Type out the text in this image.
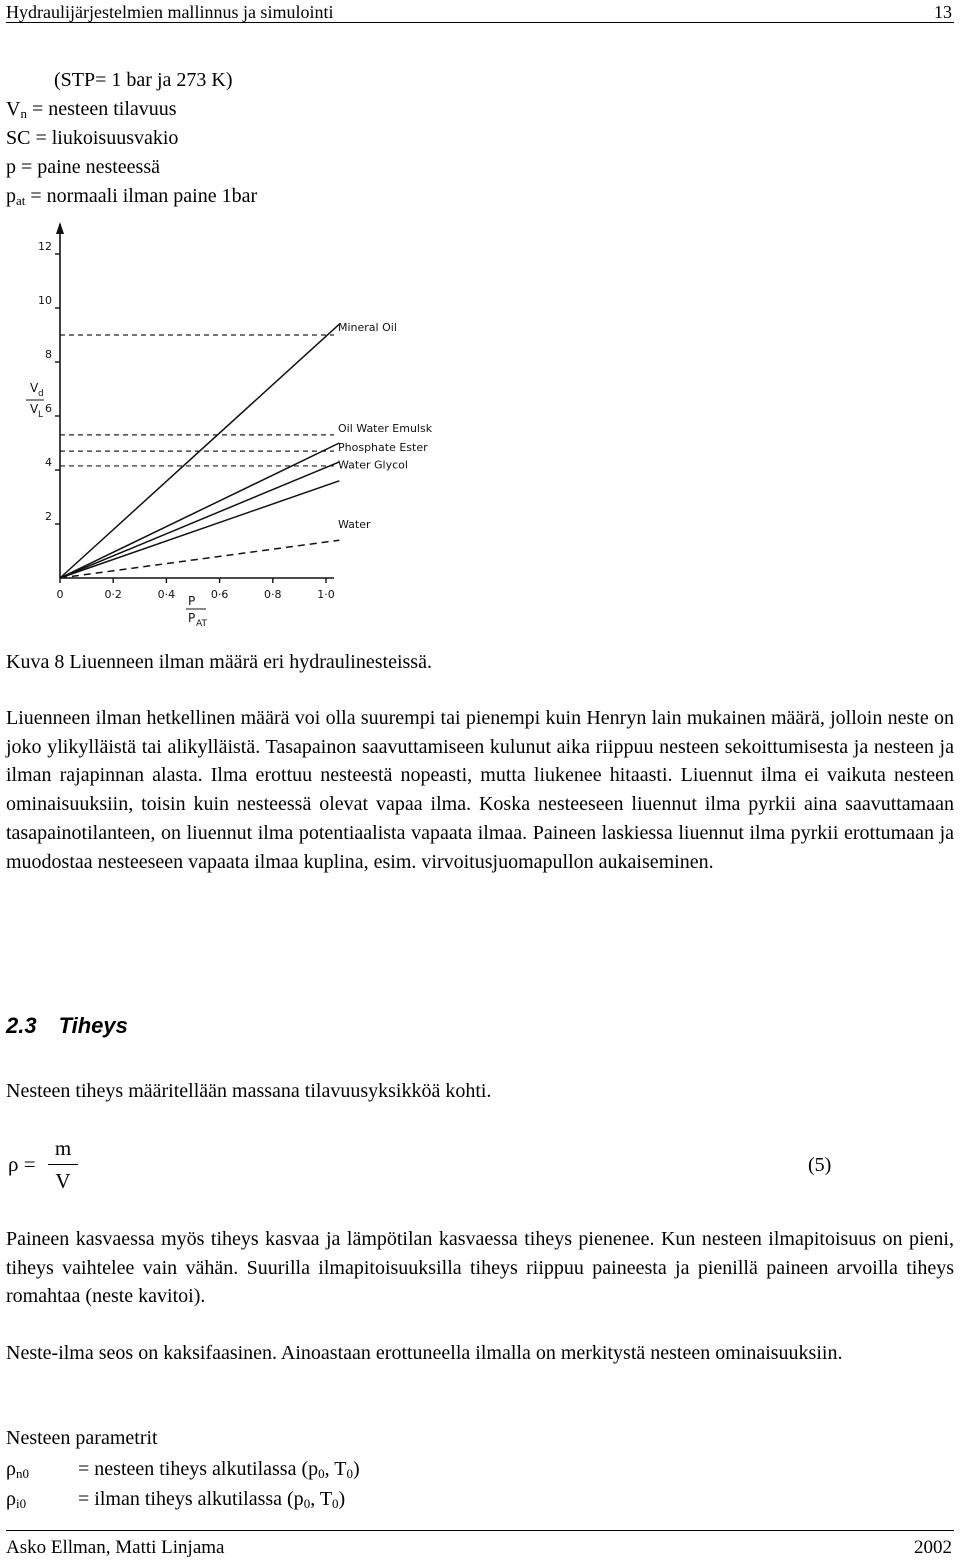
Hydraulijärjestelmien mallinnus ja simulointi	13
(STP= 1 bar ja 273 K)
$V_n$ = nesteen tilavuus
SC = liukoisuusvakio
p = paine nesteessä
$p_{at}$ = normaali ilman paine 1bar
2
4
6
8
10
12
0	0·2	0·4	0·6	0·8	1·0
Mineral Oil
Oil Water Emulsk
Phosphate Ester
Water Glycol
Water
V d
V L
P
P AT
Kuva 8 Liuenneen ilman määrä eri hydraulinesteissä.
Liuenneen ilman hetkellinen määrä voi olla suurempi tai pienempi kuin Henryn lain mukainen määrä, jolloin neste on joko ylikylläistä tai alikylläistä. Tasapainon saavuttamiseen kulunut aika riippuu nesteen sekoittumisesta ja nesteen ja ilman rajapinnan alasta. Ilma erottuu nesteestä nopeasti, mutta liukenee hitaasti. Liuennut ilma ei vaikuta nesteen ominaisuuksiin, toisin kuin nesteessä olevat vapaa ilma. Koska nesteeseen liuennut ilma pyrkii aina saavuttamaan tasapainotilanteen, on liuennut ilma potentiaalista vapaata ilmaa. Paineen laskiessa liuennut ilma pyrkii erottumaan ja muodostaa nesteeseen vapaata ilmaa kuplina, esim. virvoitusjuomapullon aukaiseminen.
2.3 Tiheys
Nesteen tiheys määritellään massana tilavuusyksikköä kohti.
ρ =
m
V
(5)
Paineen kasvaessa myös tiheys kasvaa ja lämpötilan kasvaessa tiheys pienenee. Kun nesteen ilmapitoisuus on pieni, tiheys vaihtelee vain vähän. Suurilla ilmapitoisuuksilla tiheys riippuu paineesta ja pienillä paineen arvoilla tiheys romahtaa (neste kavitoi).
Neste-ilma seos on kaksifaasinen. Ainoastaan erottuneella ilmalla on merkitystä nesteen ominaisuuksiin.
Nesteen parametrit
$\rho_{n0}$ = nesteen tiheys alkutilassa ($p_0$, $T_0$)
$\rho_{i0}$	= ilman tiheys alkutilassa ($p_0$, $T_0$)
Asko Ellman, Matti Linjama	2002
